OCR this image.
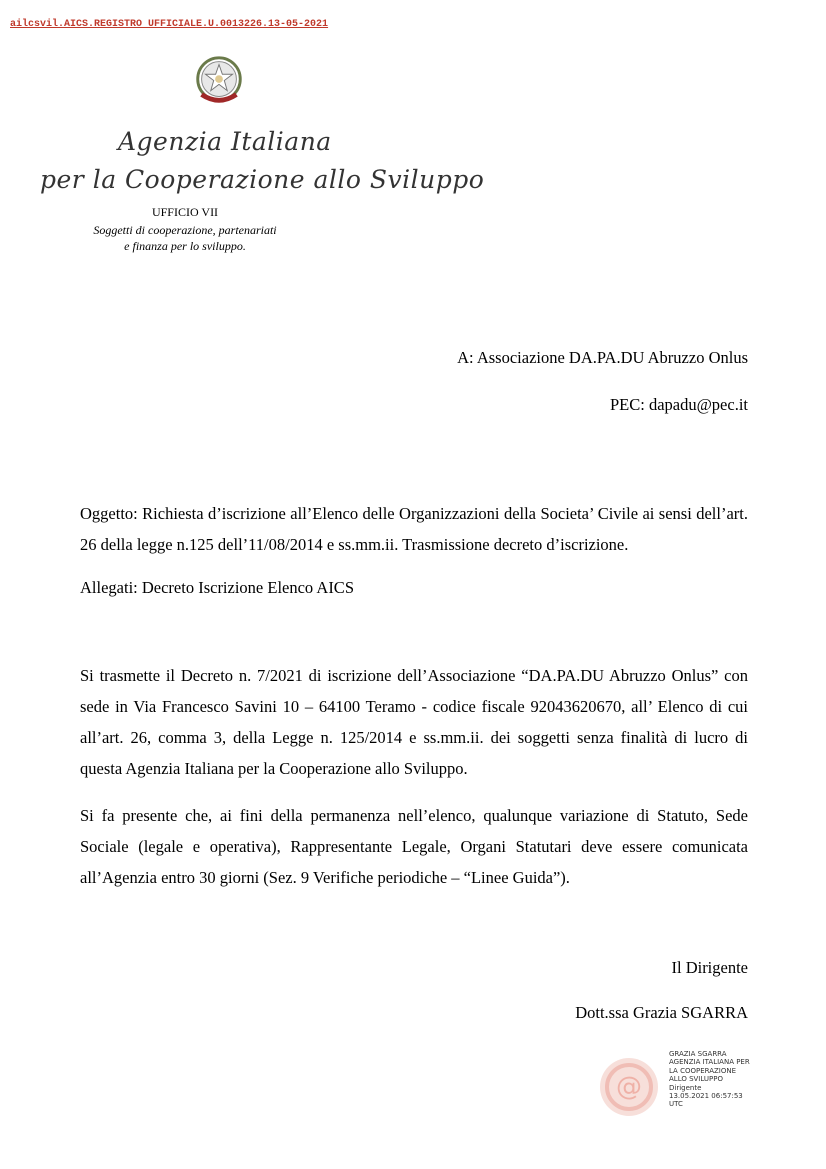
ailcsvil.AICS.REGISTRO UFFICIALE.U.0013226.13-05-2021
Agenzia Italiana
per la Cooperazione allo Sviluppo
UFFICIO VII
Soggetti di cooperazione, partenariati
e finanza per lo sviluppo.
A: Associazione DA.PA.DU Abruzzo Onlus
PEC: dapadu@pec.it
Oggetto: Richiesta d’iscrizione all’Elenco delle Organizzazioni della Societa’ Civile ai sensi dell’art. 26 della legge n.125 dell’11/08/2014 e ss.mm.ii. Trasmissione decreto d’iscrizione.
Allegati: Decreto Iscrizione Elenco AICS
Si trasmette il Decreto n. 7/2021 di iscrizione dell’Associazione “DA.PA.DU Abruzzo Onlus” con sede in Via Francesco Savini 10 – 64100 Teramo - codice fiscale 92043620670, all’ Elenco di cui all’art. 26, comma 3, della Legge n. 125/2014 e ss.mm.ii. dei soggetti senza finalità di lucro di questa Agenzia Italiana per la Cooperazione allo Sviluppo.
Si fa presente che, ai fini della permanenza nell’elenco, qualunque variazione di Statuto, Sede Sociale (legale e operativa), Rappresentante Legale, Organi Statutari deve essere comunicata all’Agenzia entro 30 giorni (Sez. 9 Verifiche periodiche – “Linee Guida”).
Il Dirigente
Dott.ssa Grazia SGARRA
@
GRAZIA SGARRA
AGENZIA ITALIANA PER
LA COOPERAZIONE
ALLO SVILUPPO
Dirigente
13.05.2021 06:57:53
UTC
